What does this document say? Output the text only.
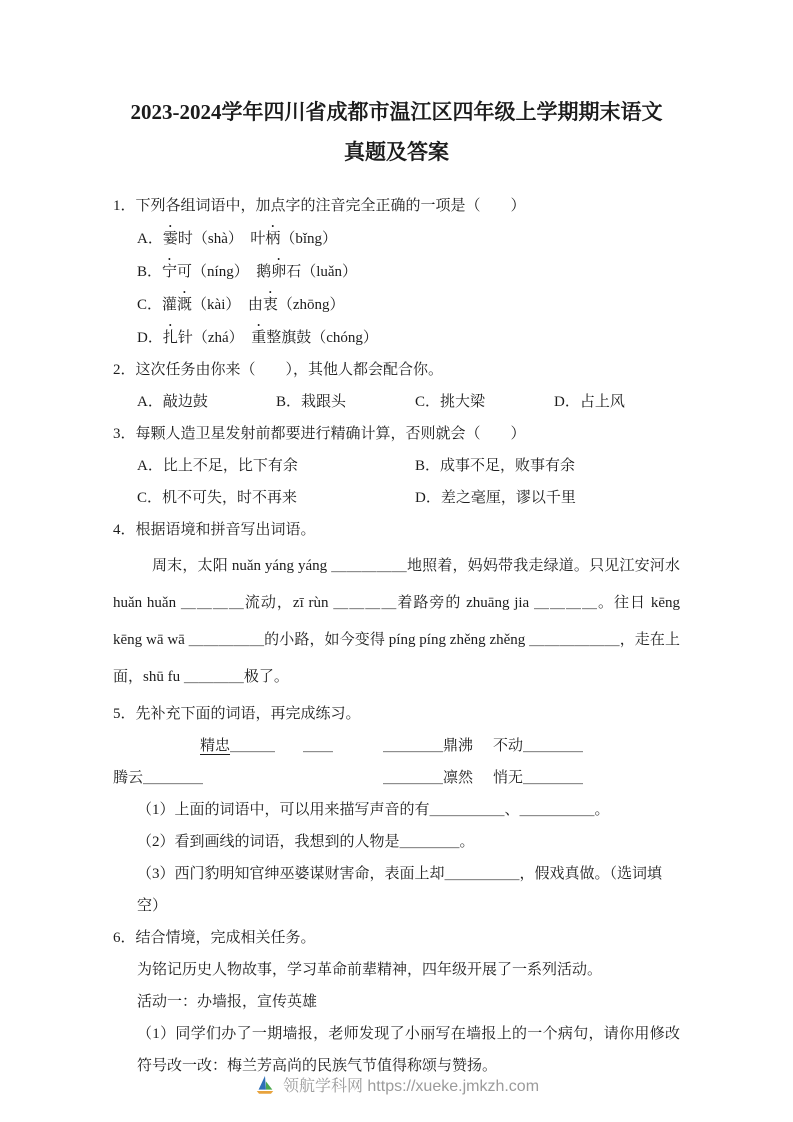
2023-2024学年四川省成都市温江区四年级上学期期末语文
真题及答案
1．下列各组词语中，加点字的注音完全正确的一项是（　　）
A．霎时（shà）　叶柄（bǐng）
B．宁可（níng）　鹅卵石（luǎn）
C．灌溉（kài）　由衷（zhōng）
D．扎针（zhá）　重整旗鼓（chóng）
2．这次任务由你来（　　），其他人都会配合你。
A．敲边鼓	B．栽跟头	C．挑大梁	D．占上风
3．每颗人造卫星发射前都要进行精确计算，否则就会（　　）
A．比上不足，比下有余	B．成事不足，败事有余
C．机不可失，时不再来	D．差之毫厘，谬以千里
4．根据语境和拼音写出词语。
周末，太阳 nuǎn yáng yáng ＿＿＿＿＿地照着，妈妈带我走绿道。只见江安河水 huǎn huǎn ＿＿＿＿流动，zī rùn ＿＿＿＿着路旁的 zhuāng jia ＿＿＿＿。往日 kēng kēng wā wā ＿＿＿＿＿的小路，如今变得 píng píng zhěng zhěng ＿＿＿＿＿＿，走在上面，shū fu ＿＿＿＿极了。
5．先补充下面的词语，再完成练习。
精忠＿＿＿ ＿＿	＿＿＿＿鼎沸 不动＿＿＿＿
腾云＿＿＿＿	＿＿＿＿凛然 悄无＿＿＿＿
（1）上面的词语中，可以用来描写声音的有＿＿＿＿＿、＿＿＿＿＿。
（2）看到画线的词语，我想到的人物是＿＿＿＿。
（3）西门豹明知官绅巫婆谋财害命，表面上却＿＿＿＿＿，假戏真做。（选词填空）
6．结合情境，完成相关任务。
为铭记历史人物故事，学习革命前辈精神，四年级开展了一系列活动。
活动一：办墙报，宣传英雄
（1）同学们办了一期墙报，老师发现了小丽写在墙报上的一个病句，请你用修改符号改一改：梅兰芳高尚的民族气节值得称颂与赞扬。
领航学科网 https://xueke.jmkzh.com
